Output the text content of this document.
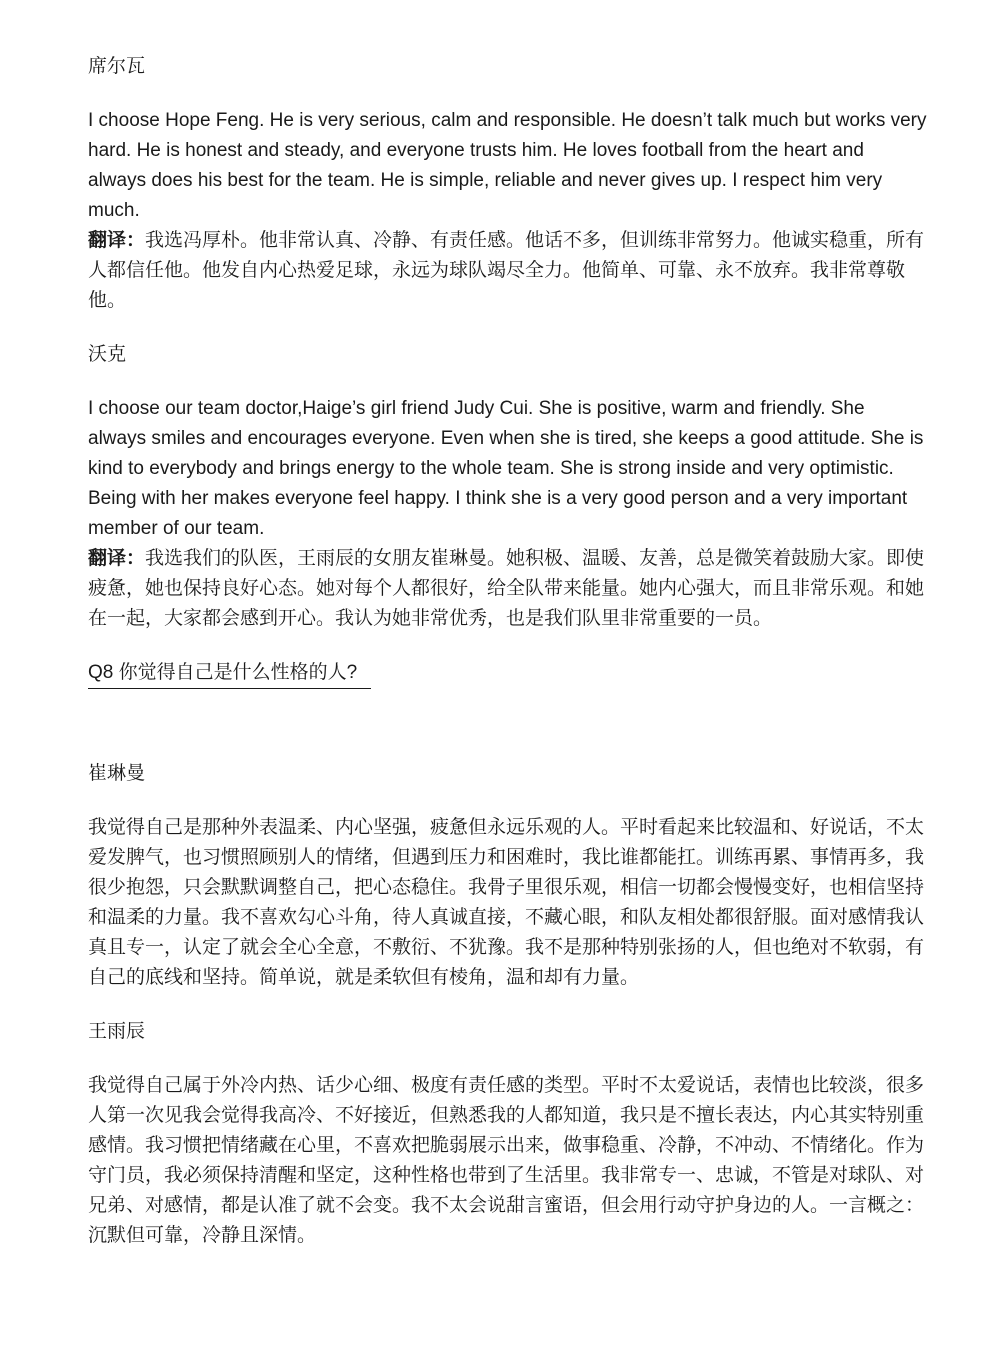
席尔瓦

I choose Hope Feng. He is very serious, calm and responsible. He doesn’t talk much but works very hard. He is honest and steady, and everyone trusts him. He loves football from the heart and always does his best for the team. He is simple, reliable and never gives up. I respect him very much.

翻译：我选冯厚朴。他非常认真、冷静、有责任感。他话不多，但训练非常努力。他诚实稳重，所有人都信任他。他发自内心热爱足球，永远为球队竭尽全力。他简单、可靠、永不放弃。我非常尊敬他。

沃克

I choose our team doctor,Haige’s girl friend Judy Cui. She is positive, warm and friendly. She always smiles and encourages everyone. Even when she is tired, she keeps a good attitude. She is kind to everybody and brings energy to the whole team. She is strong inside and very optimistic. Being with her makes everyone feel happy. I think she is a very good person and a very important member of our team.

翻译：我选我们的队医，王雨辰的女朋友崔琳曼。她积极、温暖、友善，总是微笑着鼓励大家。即使疲惫，她也保持良好心态。她对每个人都很好，给全队带来能量。她内心强大，而且非常乐观。和她在一起，大家都会感到开心。我认为她非常优秀，也是我们队里非常重要的一员。

Q8 你觉得自己是什么性格的人?

崔琳曼

我觉得自己是那种外表温柔、内心坚强，疲惫但永远乐观的人。平时看起来比较温和、好说话，不太爱发脾气，也习惯照顾别人的情绪，但遇到压力和困难时，我比谁都能扛。训练再累、事情再多，我很少抱怨，只会默默调整自己，把心态稳住。我骨子里很乐观，相信一切都会慢慢变好，也相信坚持和温柔的力量。我不喜欢勾心斗角，待人真诚直接，不藏心眼，和队友相处都很舒服。面对感情我认真且专一，认定了就会全心全意，不敷衍、不犹豫。我不是那种特别张扬的人，但也绝对不软弱，有自己的底线和坚持。简单说，就是柔软但有棱角，温和却有力量。

王雨辰

我觉得自己属于外冷内热、话少心细、极度有责任感的类型。平时不太爱说话，表情也比较淡，很多人第一次见我会觉得我高冷、不好接近，但熟悉我的人都知道，我只是不擅长表达，内心其实特别重感情。我习惯把情绪藏在心里，不喜欢把脆弱展示出来，做事稳重、冷静，不冲动、不情绪化。作为守门员，我必须保持清醒和坚定，这种性格也带到了生活里。我非常专一、忠诚，不管是对球队、对兄弟、对感情，都是认准了就不会变。我不太会说甜言蜜语，但会用行动守护身边的人。一言概之：沉默但可靠，冷静且深情。
